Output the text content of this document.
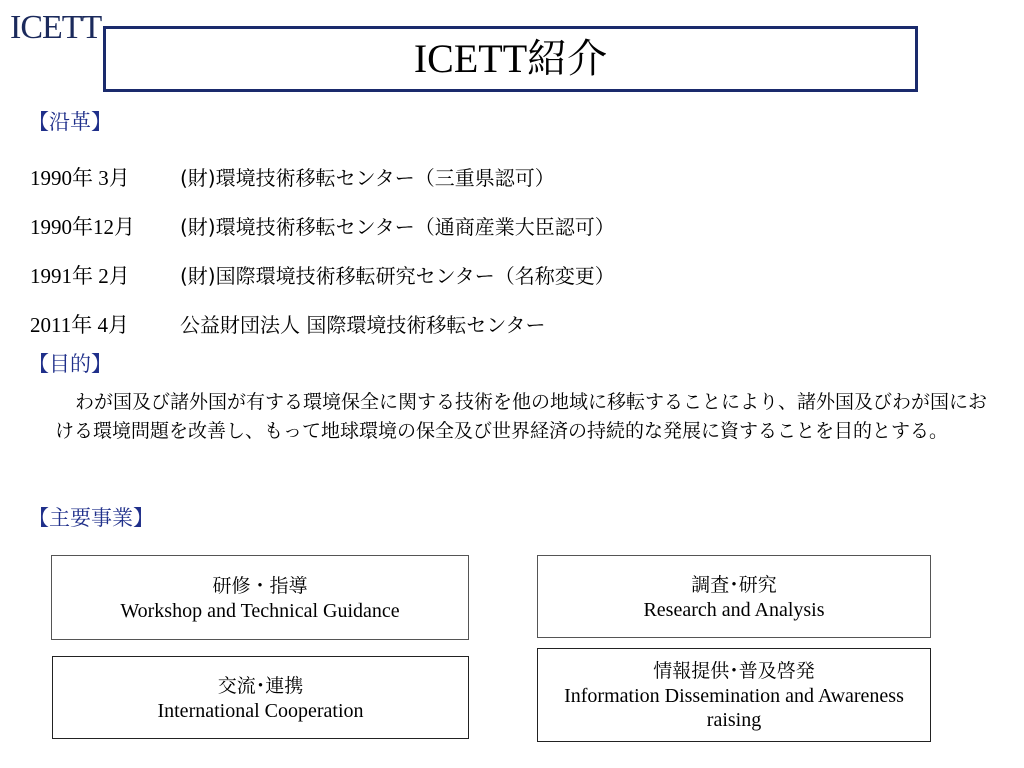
ICETT
ICETT紹介
【沿革】
1990年 3月	(財)環境技術移転センター（三重県認可）
1990年12月	(財)環境技術移転センター（通商産業大臣認可）
1991年 2月	(財)国際環境技術移転研究センター（名称変更）
2011年 4月	公益財団法人 国際環境技術移転センター
【目的】

わが国及び諸外国が有する環境保全に関する技術を他の地域に移転することにより、諸外国及びわが国における環境問題を改善し、もって地球環境の保全及び世界経済の持続的な発展に資することを目的とする。

【主要事業】
研修・指導
Workshop and Technical Guidance
調査･研究
Research and Analysis
交流･連携
International Cooperation
情報提供･普及啓発
Information Dissemination and Awareness raising
